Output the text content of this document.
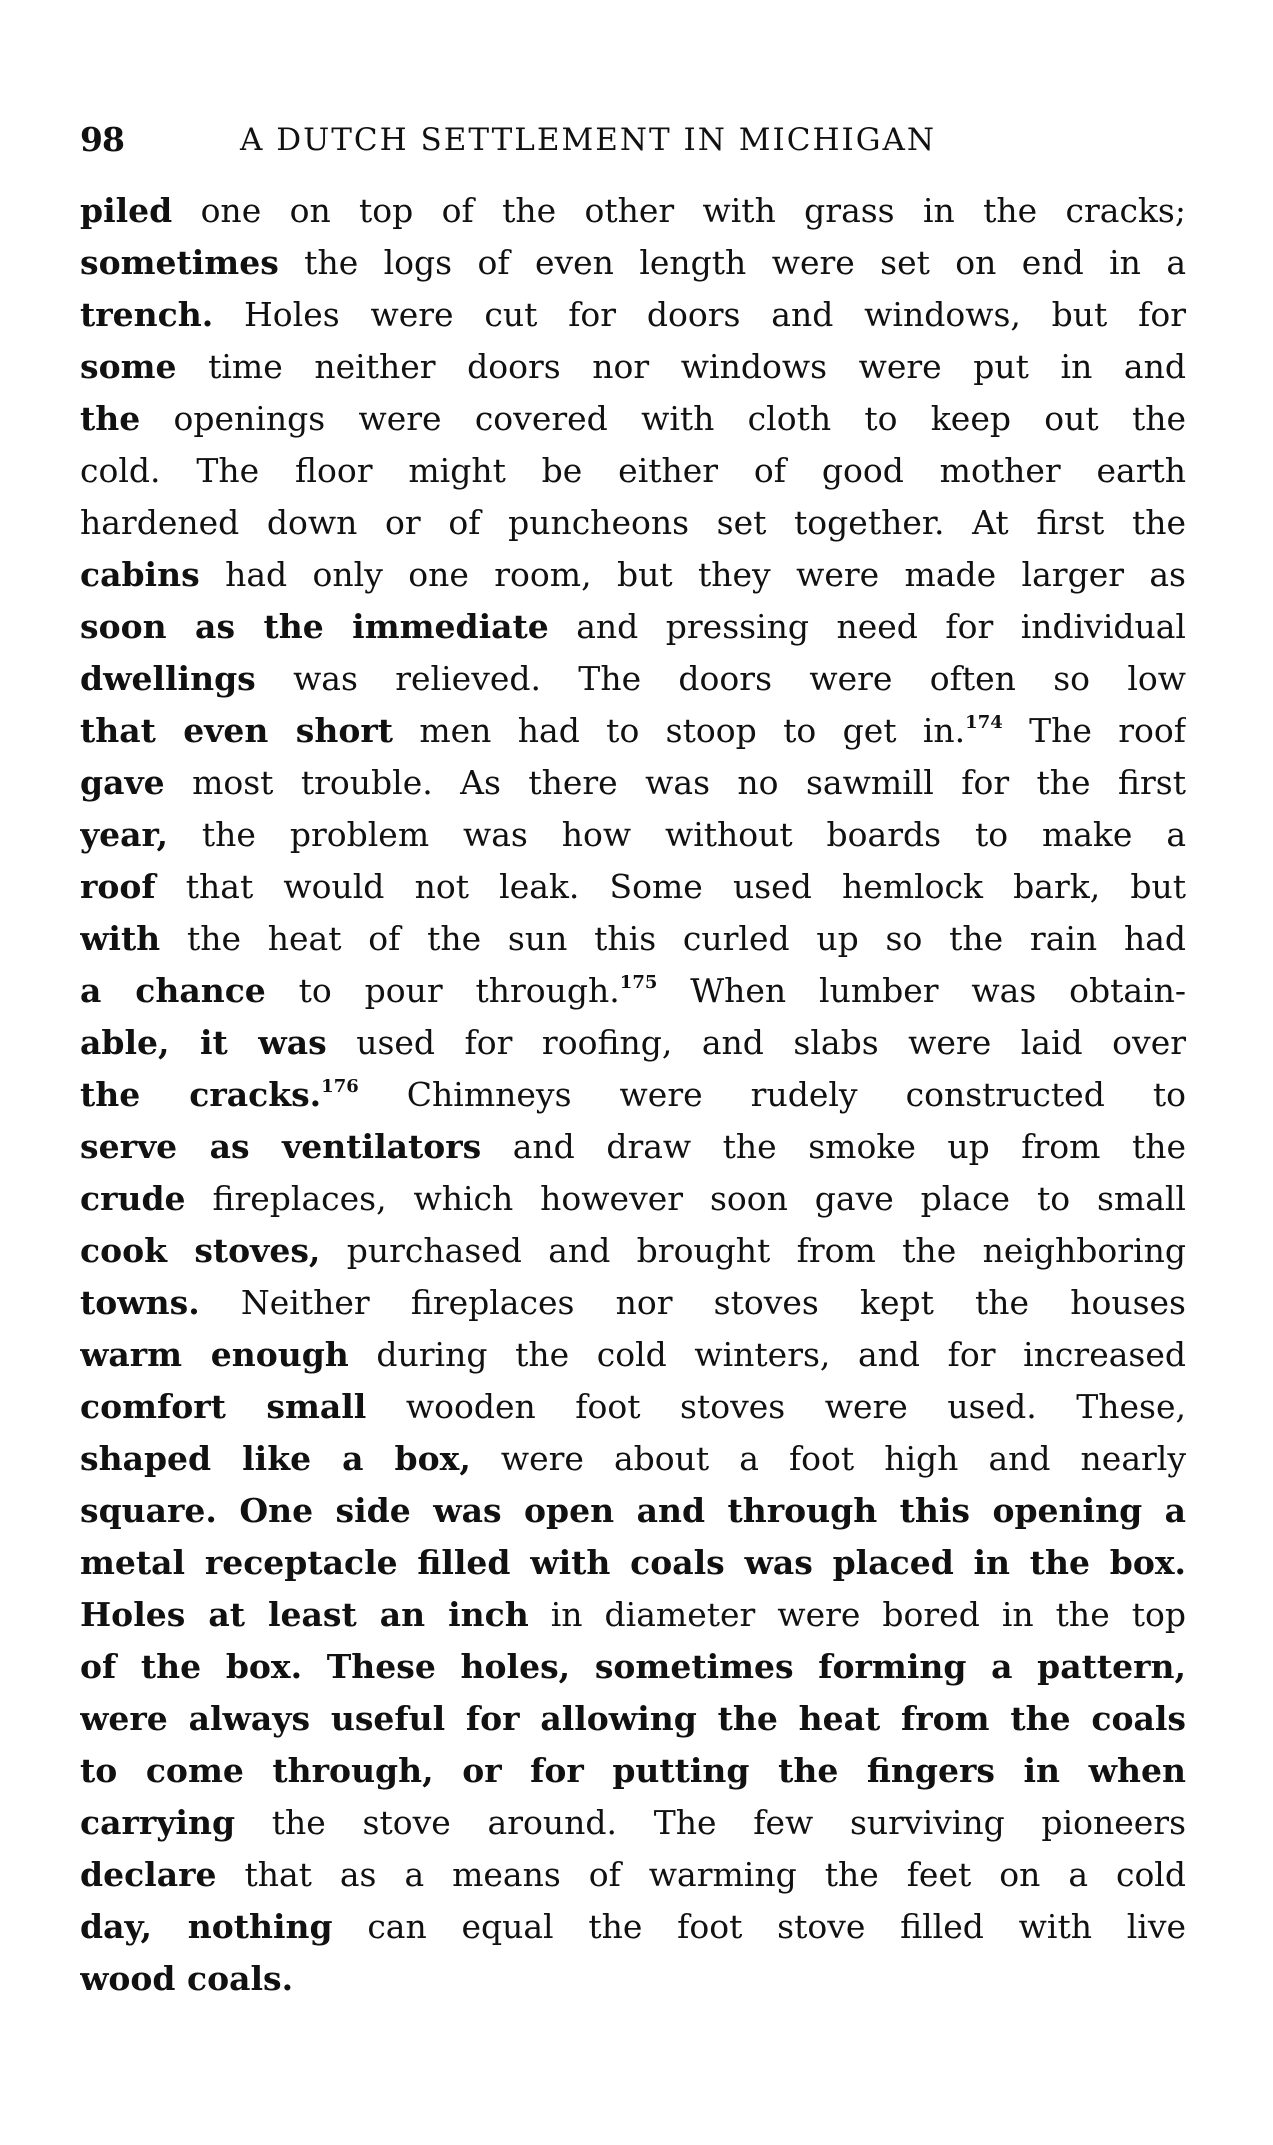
98	A DUTCH SETTLEMENT IN MICHIGAN
piled one on top of the other with grass in the cracks;
sometimes the logs of even length were set on end in a
trench. Holes were cut for doors and windows, but for
some time neither doors nor windows were put in and
the openings were covered with cloth to keep out the
cold. The floor might be either of good mother earth
hardened down or of puncheons set together. At first the
cabins had only one room, but they were made larger as
soon as the immediate and pressing need for individual
dwellings was relieved. The doors were often so low
that even short men had to stoop to get in.$^{174}$ The roof
gave most trouble. As there was no sawmill for the first
year, the problem was how without boards to make a
roof that would not leak. Some used hemlock bark, but
with the heat of the sun this curled up so the rain had
a chance to pour through.$^{175}$ When lumber was obtain-
able, it was used for roofing, and slabs were laid over
the cracks.$^{176}$ Chimneys were rudely constructed to
serve as ventilators and draw the smoke up from the
crude fireplaces, which however soon gave place to small
cook stoves, purchased and brought from the neighboring
towns. Neither fireplaces nor stoves kept the houses
warm enough during the cold winters, and for increased
comfort small wooden foot stoves were used. These,
shaped like a box, were about a foot high and nearly
square. One side was open and through this opening a
metal receptacle filled with coals was placed in the box.
Holes at least an inch in diameter were bored in the top
of the box. These holes, sometimes forming a pattern,
were always useful for allowing the heat from the coals
to come through, or for putting the fingers in when
carrying the stove around. The few surviving pioneers
declare that as a means of warming the feet on a cold
day, nothing can equal the foot stove filled with live
wood coals.
